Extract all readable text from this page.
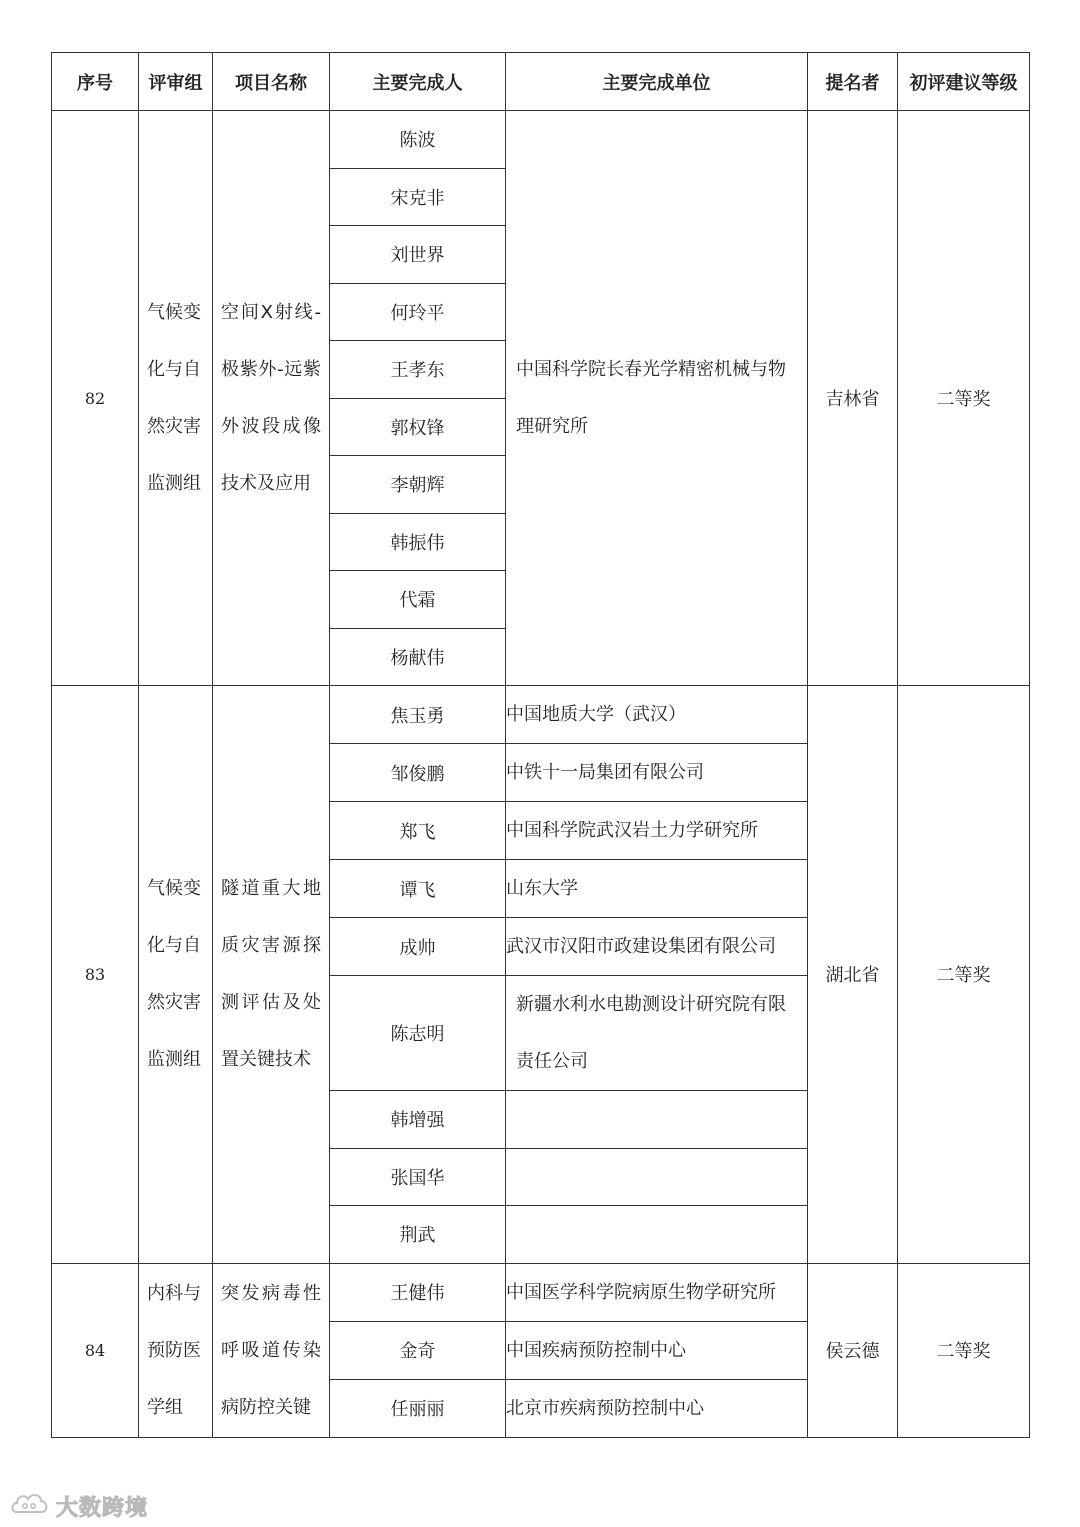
序号	评审组	项目名称	主要完成人	主要完成单位	提名者	初评建议等级
82	气候变化与自然灾害监测组	空间X射线-极紫外-远紫外波段成像技术及应用	陈波	中国科学院长春光学精密机械与物理研究所	吉林省	二等奖
			宋克非			
			刘世界			
			何玲平			
			王孝东			
			郭权锋			
			李朝辉			
			韩振伟			
			代霜			
			杨献伟			
83	气候变化与自然灾害监测组	隧道重大地质灾害源探测评估及处置关键技术	焦玉勇	中国地质大学（武汉）	湖北省	二等奖
			邹俊鹏	中铁十一局集团有限公司		
			郑飞	中国科学院武汉岩土力学研究所		
			谭飞	山东大学		
			成帅	武汉市汉阳市政建设集团有限公司		
			陈志明	新疆水利水电勘测设计研究院有限责任公司		

			韩增强			
			张国华			
			荆武			
84	内科与预防医学组	突发病毒性呼吸道传染病防控关键	王健伟	中国医学科学院病原生物学研究所	侯云德	二等奖
			金奇	中国疾病预防控制中心		
			任丽丽	北京市疾病预防控制中心		
大数跨境
